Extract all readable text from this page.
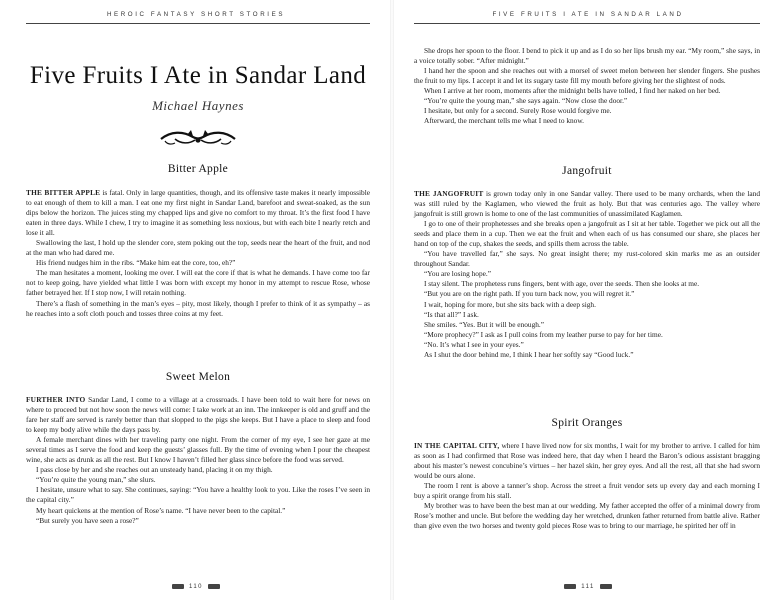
HEROIC FANTASY SHORT STORIES
Five Fruits I Ate in Sandar Land
Michael Haynes
Bitter Apple

THE BITTER APPLE is fatal. Only in large quantities, though, and its offensive taste makes it nearly impossible to eat enough of them to kill a man. I eat one my first night in Sandar Land, barefoot and sweat-soaked, as the sun dips below the horizon. The juices sting my chapped lips and give no comfort to my throat. It’s the first food I have eaten in three days. While I chew, I try to imagine it as something less noxious, but with each bite I nearly retch and lose it all.

Swallowing the last, I hold up the slender core, stem poking out the top, seeds near the heart of the fruit, and nod at the man who had dared me.

His friend nudges him in the ribs. “Make him eat the core, too, eh?”

The man hesitates a moment, looking me over. I will eat the core if that is what he demands. I have come too far not to keep going, have yielded what little I was born with except my honor in my attempt to rescue Rose, whose father betrayed her. If I stop now, I will retain nothing.

There’s a flash of something in the man’s eyes – pity, most likely, though I prefer to think of it as sympathy – as he reaches into a soft cloth pouch and tosses three coins at my feet.

Sweet Melon

FURTHER INTO Sandar Land, I come to a village at a crossroads. I have been told to wait here for news on where to proceed but not how soon the news will come: I take work at an inn. The innkeeper is old and gruff and the fare her staff are served is rarely better than that slopped to the pigs she keeps. But I have a place to sleep and food to keep my body alive while the days pass by.

A female merchant dines with her traveling party one night. From the corner of my eye, I see her gaze at me several times as I serve the food and keep the guests’ glasses full. By the time of evening when I pour the cheapest wine, she acts as drunk as all the rest. But I know I haven’t filled her glass since before the food was served.

I pass close by her and she reaches out an unsteady hand, placing it on my thigh.

“You’re quite the young man,” she slurs.

I hesitate, unsure what to say. She continues, saying: “You have a healthy look to you. Like the roses I’ve seen in the capital city.”

My heart quickens at the mention of Rose’s name. “I have never been to the capital.”

“But surely you have seen a rose?”

110
FIVE FRUITS I ATE IN SANDAR LAND

She drops her spoon to the floor. I bend to pick it up and as I do so her lips brush my ear. “My room,” she says, in a voice totally sober. “After midnight.”

I hand her the spoon and she reaches out with a morsel of sweet melon between her slender fingers. She pushes the fruit to my lips. I accept it and let its sugary taste fill my mouth before giving her the slightest of nods.

When I arrive at her room, moments after the midnight bells have tolled, I find her naked on her bed.

“You’re quite the young man,” she says again. “Now close the door.”

I hesitate, but only for a second. Surely Rose would forgive me.

Afterward, the merchant tells me what I need to know.

Jangofruit

THE JANGOFRUIT is grown today only in one Sandar valley. There used to be many orchards, when the land was still ruled by the Kaglamen, who viewed the fruit as holy. But that was centuries ago. The valley where jangofruit is still grown is home to one of the last communities of unassimilated Kaglamen.

I go to one of their prophetesses and she breaks open a jangofruit as I sit at her table. Together we pick out all the seeds and place them in a cup. Then we eat the fruit and when each of us has consumed our share, she places her hand on top of the cup, shakes the seeds, and spills them across the table.

“You have travelled far,” she says. No great insight there; my rust-colored skin marks me as an outsider throughout Sandar.

“You are losing hope.”

I stay silent. The prophetess runs fingers, bent with age, over the seeds. Then she looks at me.

“But you are on the right path. If you turn back now, you will regret it.”

I wait, hoping for more, but she sits back with a deep sigh.

“Is that all?” I ask.

She smiles. “Yes. But it will be enough.”

“More prophecy?” I ask as I pull coins from my leather purse to pay for her time.

“No. It’s what I see in your eyes.”

As I shut the door behind me, I think I hear her softly say “Good luck.”

Spirit Oranges

IN THE CAPITAL CITY, where I have lived now for six months, I wait for my brother to arrive. I called for him as soon as I had confirmed that Rose was indeed here, that day when I heard the Baron’s odious assistant bragging about his master’s newest concubine’s virtues – her hazel skin, her grey eyes. And all the rest, all that she had sworn would be ours alone.

The room I rent is above a tanner’s shop. Across the street a fruit vendor sets up every day and each morning I buy a spirit orange from his stall.

My brother was to have been the best man at our wedding. My father accepted the offer of a minimal dowry from Rose’s mother and uncle. But before the wedding day her wretched, drunken father returned from battle alive. Rather than give even the two horses and twenty gold pieces Rose was to bring to our marriage, he spirited her off in

111
